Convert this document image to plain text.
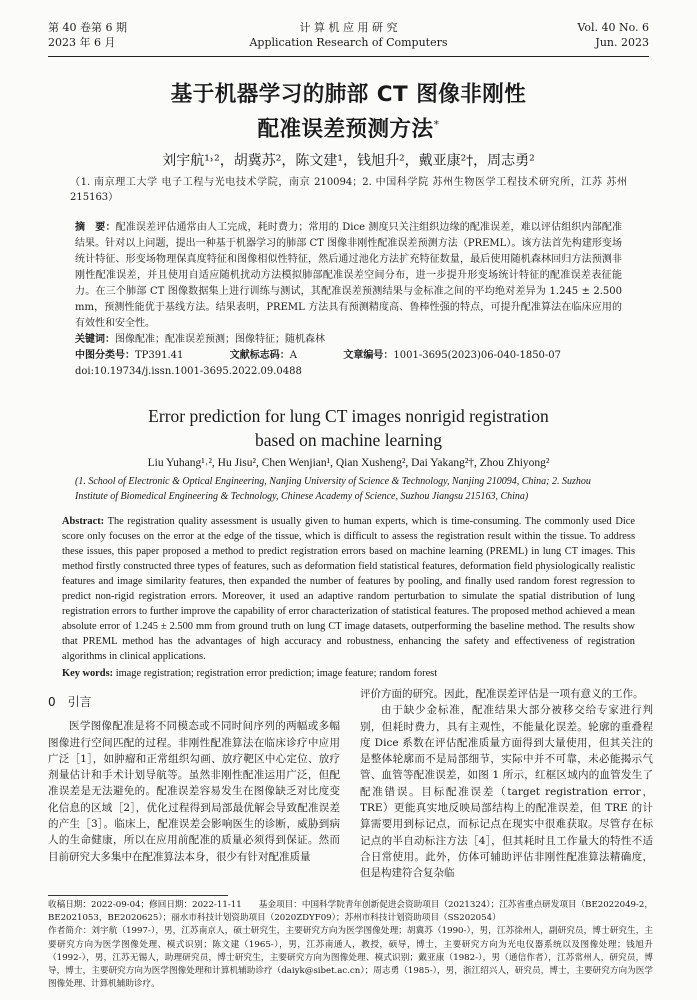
第 40 卷第 6 期
2023 年 6 月
计 算 机 应 用 研 究
Application Research of Computers
Vol. 40 No. 6
Jun. 2023
基于机器学习的肺部 CT 图像非刚性
配准误差预测方法*
刘宇航¹˒²，胡冀苏²，陈文建¹，钱旭升²，戴亚康²†，周志勇²
（1. 南京理工大学 电子工程与光电技术学院，南京 210094；2. 中国科学院 苏州生物医学工程技术研究所，江苏 苏州 215163）
摘　要：配准误差评估通常由人工完成，耗时费力；常用的 Dice 测度只关注组织边缘的配准误差，难以评估组织内部配准结果。针对以上问题，提出一种基于机器学习的肺部 CT 图像非刚性配准误差预测方法（PREML）。该方法首先构建形变场统计特征、形变场物理保真度特征和图像相似性特征，然后通过池化方法扩充特征数量，最后使用随机森林回归方法预测非刚性配准误差，并且使用自适应随机扰动方法模拟肺部配准误差空间分布，进一步提升形变场统计特征的配准误差表征能力。在三个肺部 CT 图像数据集上进行训练与测试，其配准误差预测结果与金标准之间的平均绝对差异为 1.245 ± 2.500 mm，预测性能优于基线方法。结果表明，PREML 方法具有预测精度高、鲁棒性强的特点，可提升配准算法在临床应用的有效性和安全性。
关键词：图像配准；配准误差预测；图像特征；随机森林
中图分类号：TP391.41	文献标志码：A	文章编号：1001-3695(2023)06-040-1850-07
doi:10.19734/j.issn.1001-3695.2022.09.0488
Error prediction for lung CT images nonrigid registration
based on machine learning
Liu Yuhang¹˒², Hu Jisu², Chen Wenjian¹, Qian Xusheng², Dai Yakang²†, Zhou Zhiyong²
(1. School of Electronic & Optical Engineering, Nanjing University of Science & Technology, Nanjing 210094, China; 2. Suzhou Institute of Biomedical Engineering & Technology, Chinese Academy of Science, Suzhou Jiangsu 215163, China)
Abstract: The registration quality assessment is usually given to human experts, which is time-consuming. The commonly used Dice score only focuses on the error at the edge of the tissue, which is difficult to assess the registration result within the tissue. To address these issues, this paper proposed a method to predict registration errors based on machine learning (PREML) in lung CT images. This method firstly constructed three types of features, such as deformation field statistical features, deformation field physiologically realistic features and image similarity features, then expanded the number of features by pooling, and finally used random forest regression to predict non-rigid registration errors. Moreover, it used an adaptive random perturbation to simulate the spatial distribution of lung registration errors to further improve the capability of error characterization of statistical features. The proposed method achieved a mean absolute error of 1.245 ± 2.500 mm from ground truth on lung CT image datasets, outperforming the baseline method. The results show that PREML method has the advantages of high accuracy and robustness, enhancing the safety and effectiveness of registration algorithms in clinical applications.
Key words: image registration; registration error prediction; image feature; random forest
0　引言

医学图像配准是将不同模态或不同时间序列的两幅或多幅图像进行空间匹配的过程。非刚性配准算法在临床诊疗中应用广泛［1］，如肿瘤和正常组织勾画、放疗靶区中心定位、放疗剂量估计和手术计划导航等。虽然非刚性配准运用广泛，但配准误差是无法避免的。配准误差容易发生在图像缺乏对比度变化信息的区域［2］，优化过程得到局部最优解会导致配准误差的产生［3］。临床上，配准误差会影响医生的诊断，威胁到病人的生命健康，所以在应用前配准的质量必须得到保证。然而目前研究大多集中在配准算法本身，很少有针对配准质量

评价方面的研究。因此，配准误差评估是一项有意义的工作。

由于缺少金标准，配准结果大部分被移交给专家进行判别，但耗时费力，具有主观性，不能量化误差。轮廓的重叠程度 Dice 系数在评估配准质量方面得到大量使用，但其关注的是整体轮廓而不是局部细节，实际中并不可靠，未必能揭示气管、血管等配准误差，如图 1 所示，红框区域内的血管发生了配准错误。目标配准误差（target registration error，TRE）更能真实地反映局部结构上的配准误差，但 TRE 的计算需要用到标记点，而标记点在现实中很难获取。尽管存在标记点的半自动标注方法［4］，但其耗时且工作量大的特性不适合日常使用。此外，仿体可辅助评估非刚性配准算法精确度，但是构建符合复杂临

收稿日期：2022-09-04；修回日期：2022-11-11　　基金项目：中国科学院青年创新促进会资助项目（2021324）；江苏省重点研发项目（BE2022049-2，BE2021053，BE2020625）；丽水市科技计划资助项目（2020ZDYF09）；苏州市科技计划资助项目（SS202054）
作者简介：刘宇航（1997-），男，江苏南京人，硕士研究生，主要研究方向为医学图像处理；胡冀苏（1990-），男，江苏徐州人，副研究员，博士研究生，主要研究方向为医学图像处理、模式识别；陈文建（1965-），男，江苏南通人，教授，硕导，博士，主要研究方向为光电仪器系统以及图像处理；钱旭升（1992-），男，江苏无锡人，助理研究员，博士研究生，主要研究方向为图像处理、模式识别；戴亚康（1982-），男（通信作者），江苏常州人，研究员，博导，博士，主要研究方向为医学图像处理和计算机辅助诊疗（daiyk@sibet.ac.cn）；周志勇（1985-），男，浙江绍兴人，研究员，博士，主要研究方向为医学图像处理、计算机辅助诊疗。
